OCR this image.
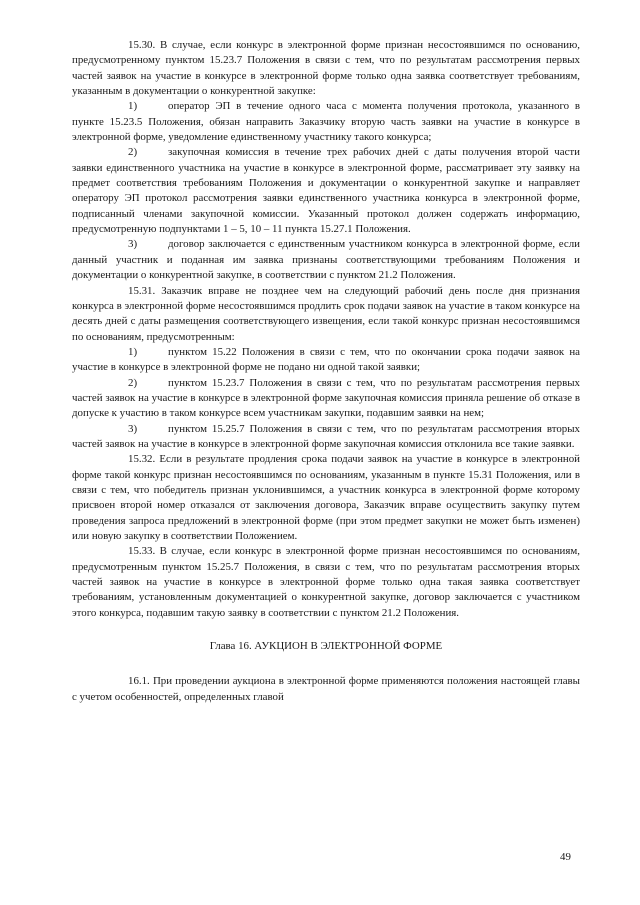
15.30. В случае, если конкурс в электронной форме признан несостоявшимся по основанию, предусмотренному пунктом 15.23.7 Положения в связи с тем, что по результатам рассмотрения первых частей заявок на участие в конкурсе в электронной форме только одна заявка соответствует требованиям, указанным в документации о конкурентной закупке:

1)	оператор ЭП в течение одного часа с момента получения протокола, указанного в пункте 15.23.5 Положения, обязан направить Заказчику вторую часть заявки на участие в конкурсе в электронной форме, уведомление единственному участнику такого конкурса;

2)	закупочная комиссия в течение трех рабочих дней с даты получения второй части заявки единственного участника на участие в конкурсе в электронной форме, рассматривает эту заявку на предмет соответствия требованиям Положения и документации о конкурентной закупке и направляет оператору ЭП протокол рассмотрения заявки единственного участника конкурса в электронной форме, подписанный членами закупочной комиссии. Указанный протокол должен содержать информацию, предусмотренную подпунктами 1 – 5, 10 – 11 пункта 15.27.1 Положения.

3)	договор заключается с единственным участником конкурса в электронной форме, если данный участник и поданная им заявка признаны соответствующими требованиям Положения и документации о конкурентной закупке, в соответствии с пунктом 21.2 Положения.

15.31. Заказчик вправе не позднее чем на следующий рабочий день после дня признания конкурса в электронной форме несостоявшимся продлить срок подачи заявок на участие в таком конкурсе на десять дней с даты размещения соответствующего извещения, если такой конкурс признан несостоявшимся по основаниям, предусмотренным:

1)	пунктом 15.22 Положения в связи с тем, что по окончании срока подачи заявок на участие в конкурсе в электронной форме не подано ни одной такой заявки;

2)	пунктом 15.23.7 Положения в связи с тем, что по результатам рассмотрения первых частей заявок на участие в конкурсе в электронной форме закупочная комиссия приняла решение об отказе в допуске к участию в таком конкурсе всем участникам закупки, подавшим заявки на нем;

3)	пунктом 15.25.7 Положения в связи с тем, что по результатам рассмотрения вторых частей заявок на участие в конкурсе в электронной форме закупочная комиссия отклонила все такие заявки.

15.32. Если в результате продления срока подачи заявок на участие в конкурсе в электронной форме такой конкурс признан несостоявшимся по основаниям, указанным в пункте 15.31 Положения, или в связи с тем, что победитель признан уклонившимся, а участник конкурса в электронной форме которому присвоен второй номер отказался от заключения договора, Заказчик вправе осуществить закупку путем проведения запроса предложений в электронной форме (при этом предмет закупки не может быть изменен) или новую закупку в соответствии Положением.

15.33. В случае, если конкурс в электронной форме признан несостоявшимся по основаниям, предусмотренным пунктом 15.25.7 Положения, в связи с тем, что по результатам рассмотрения вторых частей заявок на участие в конкурсе в электронной форме только одна такая заявка соответствует требованиям, установленным документацией о конкурентной закупке, договор заключается с участником этого конкурса, подавшим такую заявку в соответствии с пунктом 21.2 Положения.

Глава 16. АУКЦИОН В ЭЛЕКТРОННОЙ ФОРМЕ

16.1. При проведении аукциона в электронной форме применяются положения настоящей главы с учетом особенностей, определенных главой

49
